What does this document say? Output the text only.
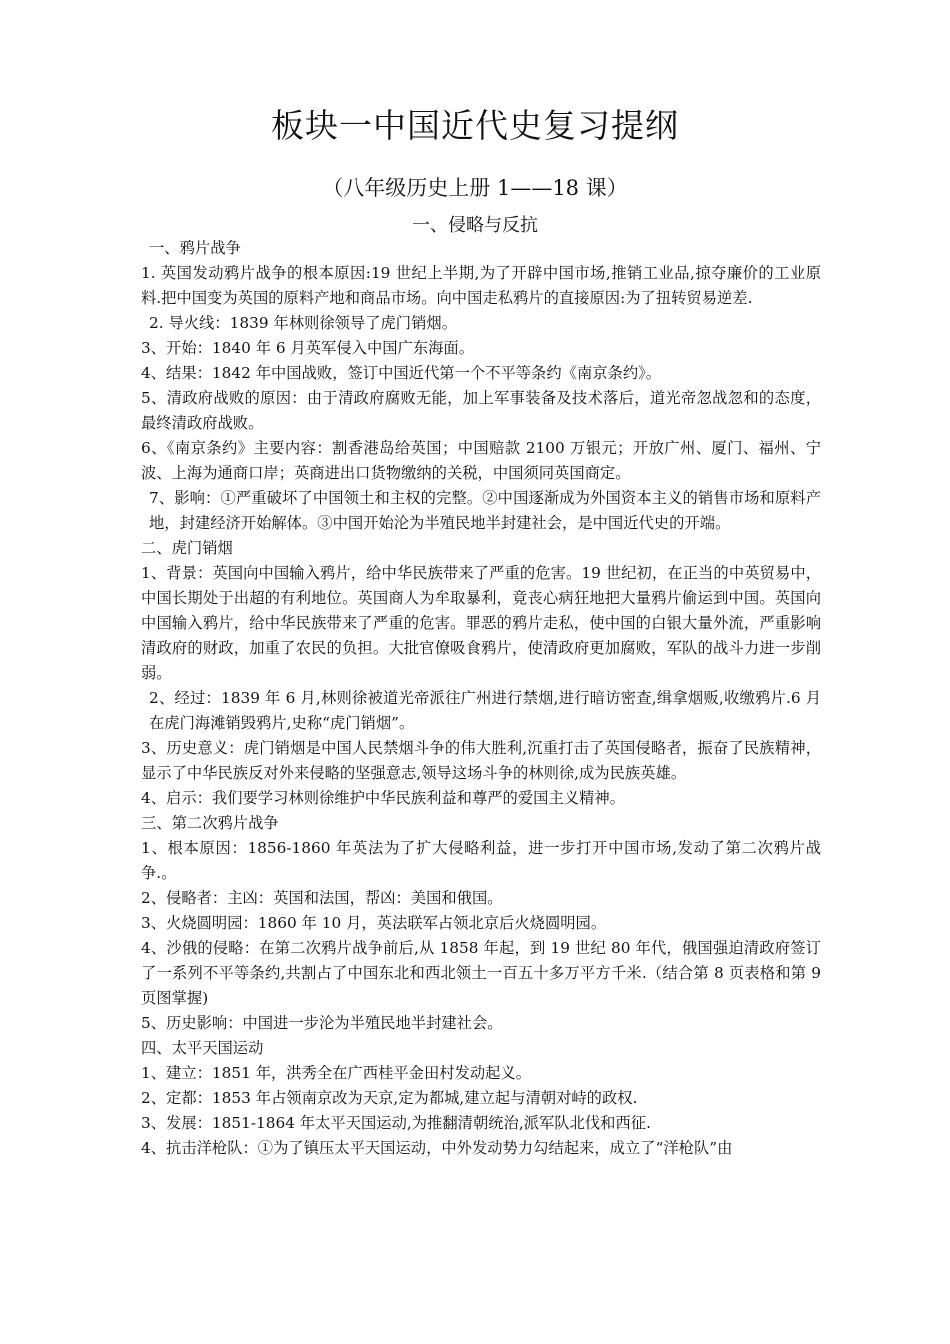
板块一中国近代史复习提纲
（八年级历史上册 1——18 课）
一、侵略与反抗

一、鸦片战争

1. 英国发动鸦片战争的根本原因:19 世纪上半期,为了开辟中国市场,推销工业品,掠夺廉价的工业原料.把中国变为英国的原料产地和商品市场。向中国走私鸦片的直接原因:为了扭转贸易逆差.

2. 导火线：1839 年林则徐领导了虎门销烟。

3、开始：1840 年 6 月英军侵入中国广东海面。

4、结果：1842 年中国战败，签订中国近代第一个不平等条约《南京条约》。

5、清政府战败的原因：由于清政府腐败无能，加上军事装备及技术落后，道光帝忽战忽和的态度，最终清政府战败。

6、《南京条约》主要内容：割香港岛给英国；中国赔款 2100 万银元；开放广州、厦门、福州、宁波、上海为通商口岸；英商进出口货物缴纳的关税，中国须同英国商定。

7、影响：①严重破坏了中国领土和主权的完整。②中国逐渐成为外国资本主义的销售市场和原料产地，封建经济开始解体。③中国开始沦为半殖民地半封建社会，是中国近代史的开端。

二、虎门销烟

1、背景：英国向中国输入鸦片，给中华民族带来了严重的危害。19 世纪初，在正当的中英贸易中，中国长期处于出超的有利地位。英国商人为牟取暴利，竟丧心病狂地把大量鸦片偷运到中国。英国向中国输入鸦片，给中华民族带来了严重的危害。罪恶的鸦片走私，使中国的白银大量外流，严重影响清政府的财政，加重了农民的负担。大批官僚吸食鸦片，使清政府更加腐败，军队的战斗力进一步削弱。

2、经过：1839 年 6 月,林则徐被道光帝派往广州进行禁烟,进行暗访密查,缉拿烟贩,收缴鸦片.6 月在虎门海滩销毁鸦片,史称“虎门销烟”。

3、历史意义：虎门销烟是中国人民禁烟斗争的伟大胜利,沉重打击了英国侵略者，振奋了民族精神，显示了中华民族反对外来侵略的坚强意志,领导这场斗争的林则徐,成为民族英雄。

4、启示：我们要学习林则徐维护中华民族利益和尊严的爱国主义精神。

三、第二次鸦片战争

1、根本原因：1856-1860 年英法为了扩大侵略利益，进一步打开中国市场,发动了第二次鸦片战争.。

2、侵略者：主凶：英国和法国，帮凶：美国和俄国。

3、火烧圆明园：1860 年 10 月，英法联军占领北京后火烧圆明园。

4、沙俄的侵略：在第二次鸦片战争前后,从 1858 年起，到 19 世纪 80 年代，俄国强迫清政府签订了一系列不平等条约,共割占了中国东北和西北领土一百五十多万平方千米.（结合第 8 页表格和第 9 页图掌握)

5、历史影响：中国进一步沦为半殖民地半封建社会。

四、太平天国运动

1、建立：1851 年，洪秀全在广西桂平金田村发动起义。

2、定都：1853 年占领南京改为天京,定为都城,建立起与清朝对峙的政权.

3、发展：1851-1864 年太平天国运动,为推翻清朝统治,派军队北伐和西征.

4、抗击洋枪队：①为了镇压太平天国运动，中外发动势力勾结起来，成立了“洋枪队”由
